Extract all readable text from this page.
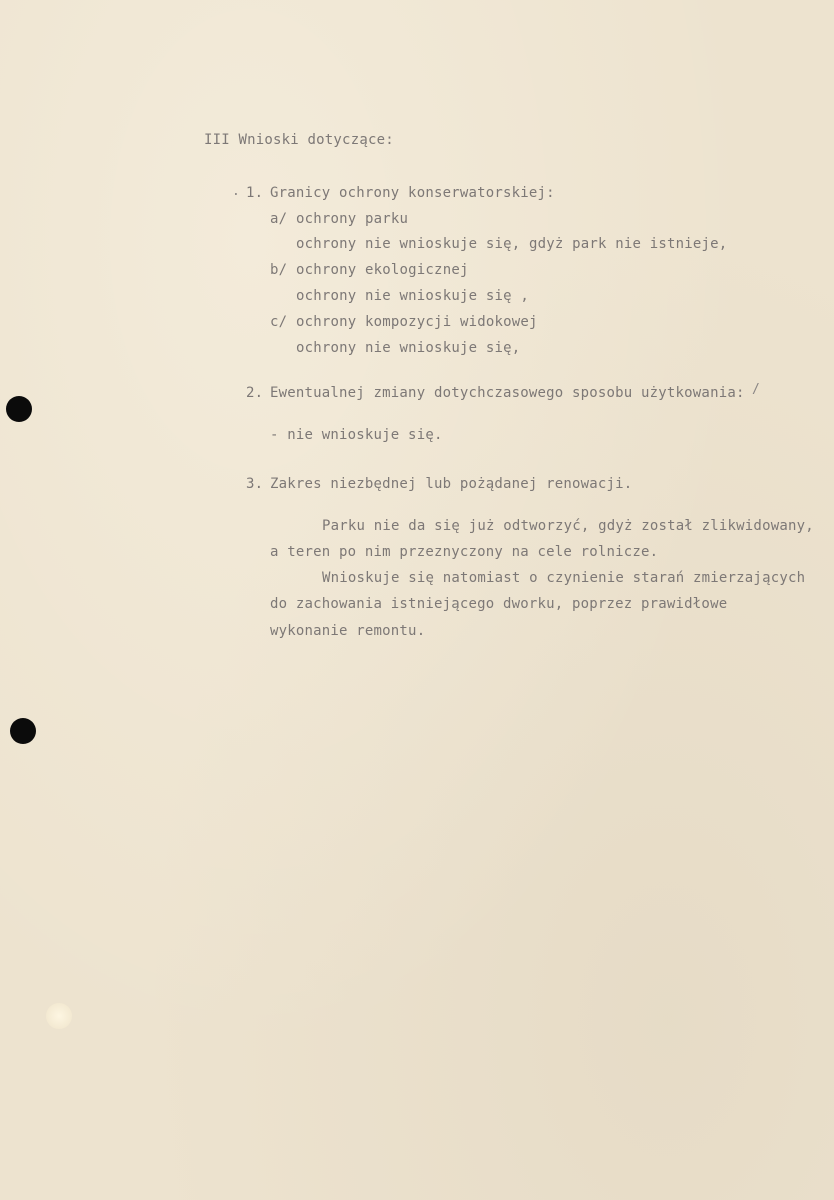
III Wnioski dotyczące:
. 1. Granicy ochrony konserwatorskiej:
a/ ochrony parku
ochrony nie wnioskuje się, gdyż park nie istnieje,
b/ ochrony ekologicznej
ochrony nie wnioskuje się ,
c/ ochrony kompozycji widokowej
ochrony nie wnioskuje się,
2. Ewentualnej zmiany dotychczasowego sposobu użytkowania: /
- nie wnioskuje się.
3. Zakres niezbędnej lub pożądanej renowacji.
Parku nie da się już odtworzyć, gdyż został zlikwidowany,
a teren po nim przeznyczony na cele rolnicze.
Wnioskuje się natomiast o czynienie starań zmierzających
do zachowania istniejącego dworku, poprzez prawidłowe
wykonanie remontu.
